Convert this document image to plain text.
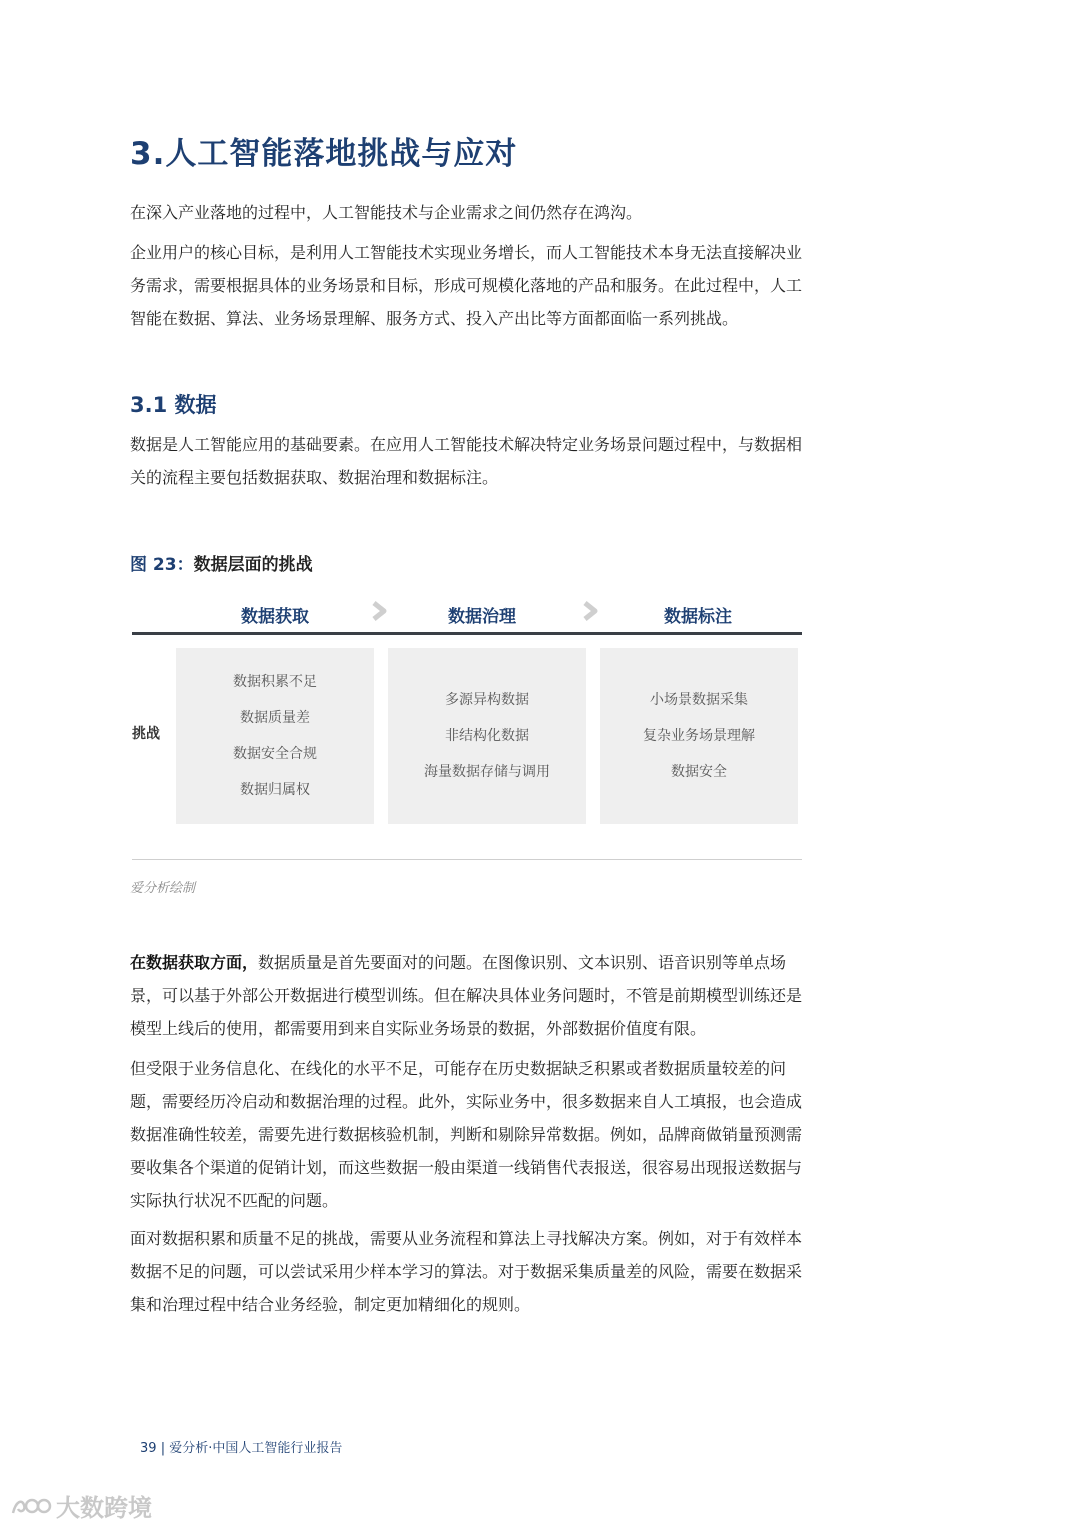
3.人工智能落地挑战与应对

在深入产业落地的过程中，人工智能技术与企业需求之间仍然存在鸿沟。

企业用户的核心目标，是利用人工智能技术实现业务增长，而人工智能技术本身无法直接解决业务需求，需要根据具体的业务场景和目标，形成可规模化落地的产品和服务。在此过程中，人工智能在数据、算法、业务场景理解、服务方式、投入产出比等方面都面临一系列挑战。

3.1 数据

数据是人工智能应用的基础要素。在应用人工智能技术解决特定业务场景问题过程中，与数据相关的流程主要包括数据获取、数据治理和数据标注。

图 23：数据层面的挑战
数据获取	数据治理	数据标注
挑战
数据积累不足
数据质量差
数据安全合规
数据归属权
多源异构数据
非结构化数据
海量数据存储与调用
小场景数据采集
复杂业务场景理解
数据安全
爱分析绘制

在数据获取方面，数据质量是首先要面对的问题。在图像识别、文本识别、语音识别等单点场景，可以基于外部公开数据进行模型训练。但在解决具体业务问题时，不管是前期模型训练还是模型上线后的使用，都需要用到来自实际业务场景的数据，外部数据价值度有限。

但受限于业务信息化、在线化的水平不足，可能存在历史数据缺乏积累或者数据质量较差的问题，需要经历冷启动和数据治理的过程。此外，实际业务中，很多数据来自人工填报，也会造成数据准确性较差，需要先进行数据核验机制，判断和剔除异常数据。例如，品牌商做销量预测需要收集各个渠道的促销计划，而这些数据一般由渠道一线销售代表报送，很容易出现报送数据与实际执行状况不匹配的问题。

面对数据积累和质量不足的挑战，需要从业务流程和算法上寻找解决方案。例如，对于有效样本数据不足的问题，可以尝试采用少样本学习的算法。对于数据采集质量差的风险，需要在数据采集和治理过程中结合业务经验，制定更加精细化的规则。

39 | 爱分析·中国人工智能行业报告
大数跨境
